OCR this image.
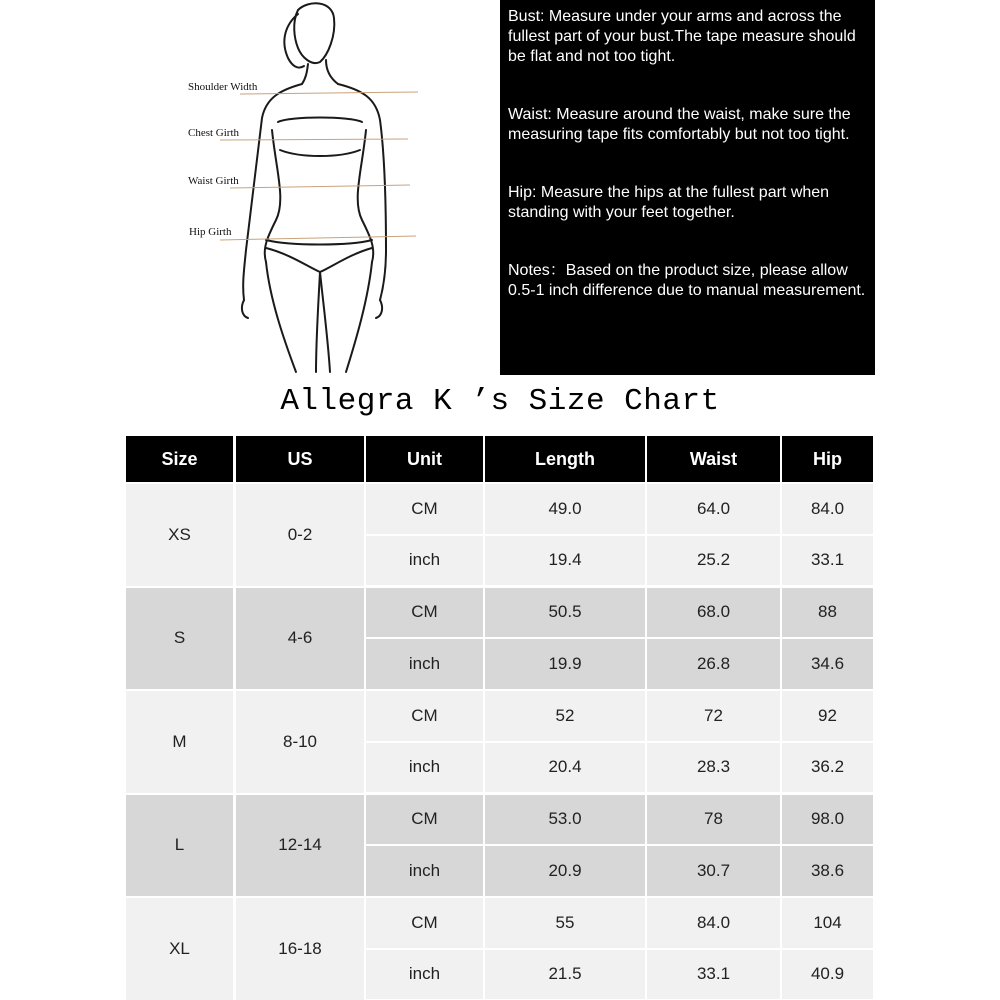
Shoulder Width
Chest Girth
Waist Girth
Hip Girth

Bust: Measure under your arms and across the fullest part of your bust.The tape measure should be flat and not too tight.

Waist: Measure around the waist, make sure the measuring tape fits comfortably but not too tight.

Hip: Measure the hips at the fullest part when standing with your feet together.

Notes：Based on the product size, please allow 0.5-1 inch difference due to manual measurement.

Allegra K ’s Size Chart
Size	US	Unit	Length	Waist	Hip
XS	0-2
CM	49.0	64.0	84.0
inch	19.4	25.2	33.1
S	4-6
CM	50.5	68.0	88
inch	19.9	26.8	34.6
M	8-10
CM	52	72	92
inch	20.4	28.3	36.2
L	12-14
CM	53.0	78	98.0
inch	20.9	30.7	38.6
XL	16-18
CM	55	84.0	104
inch	21.5	33.1	40.9
